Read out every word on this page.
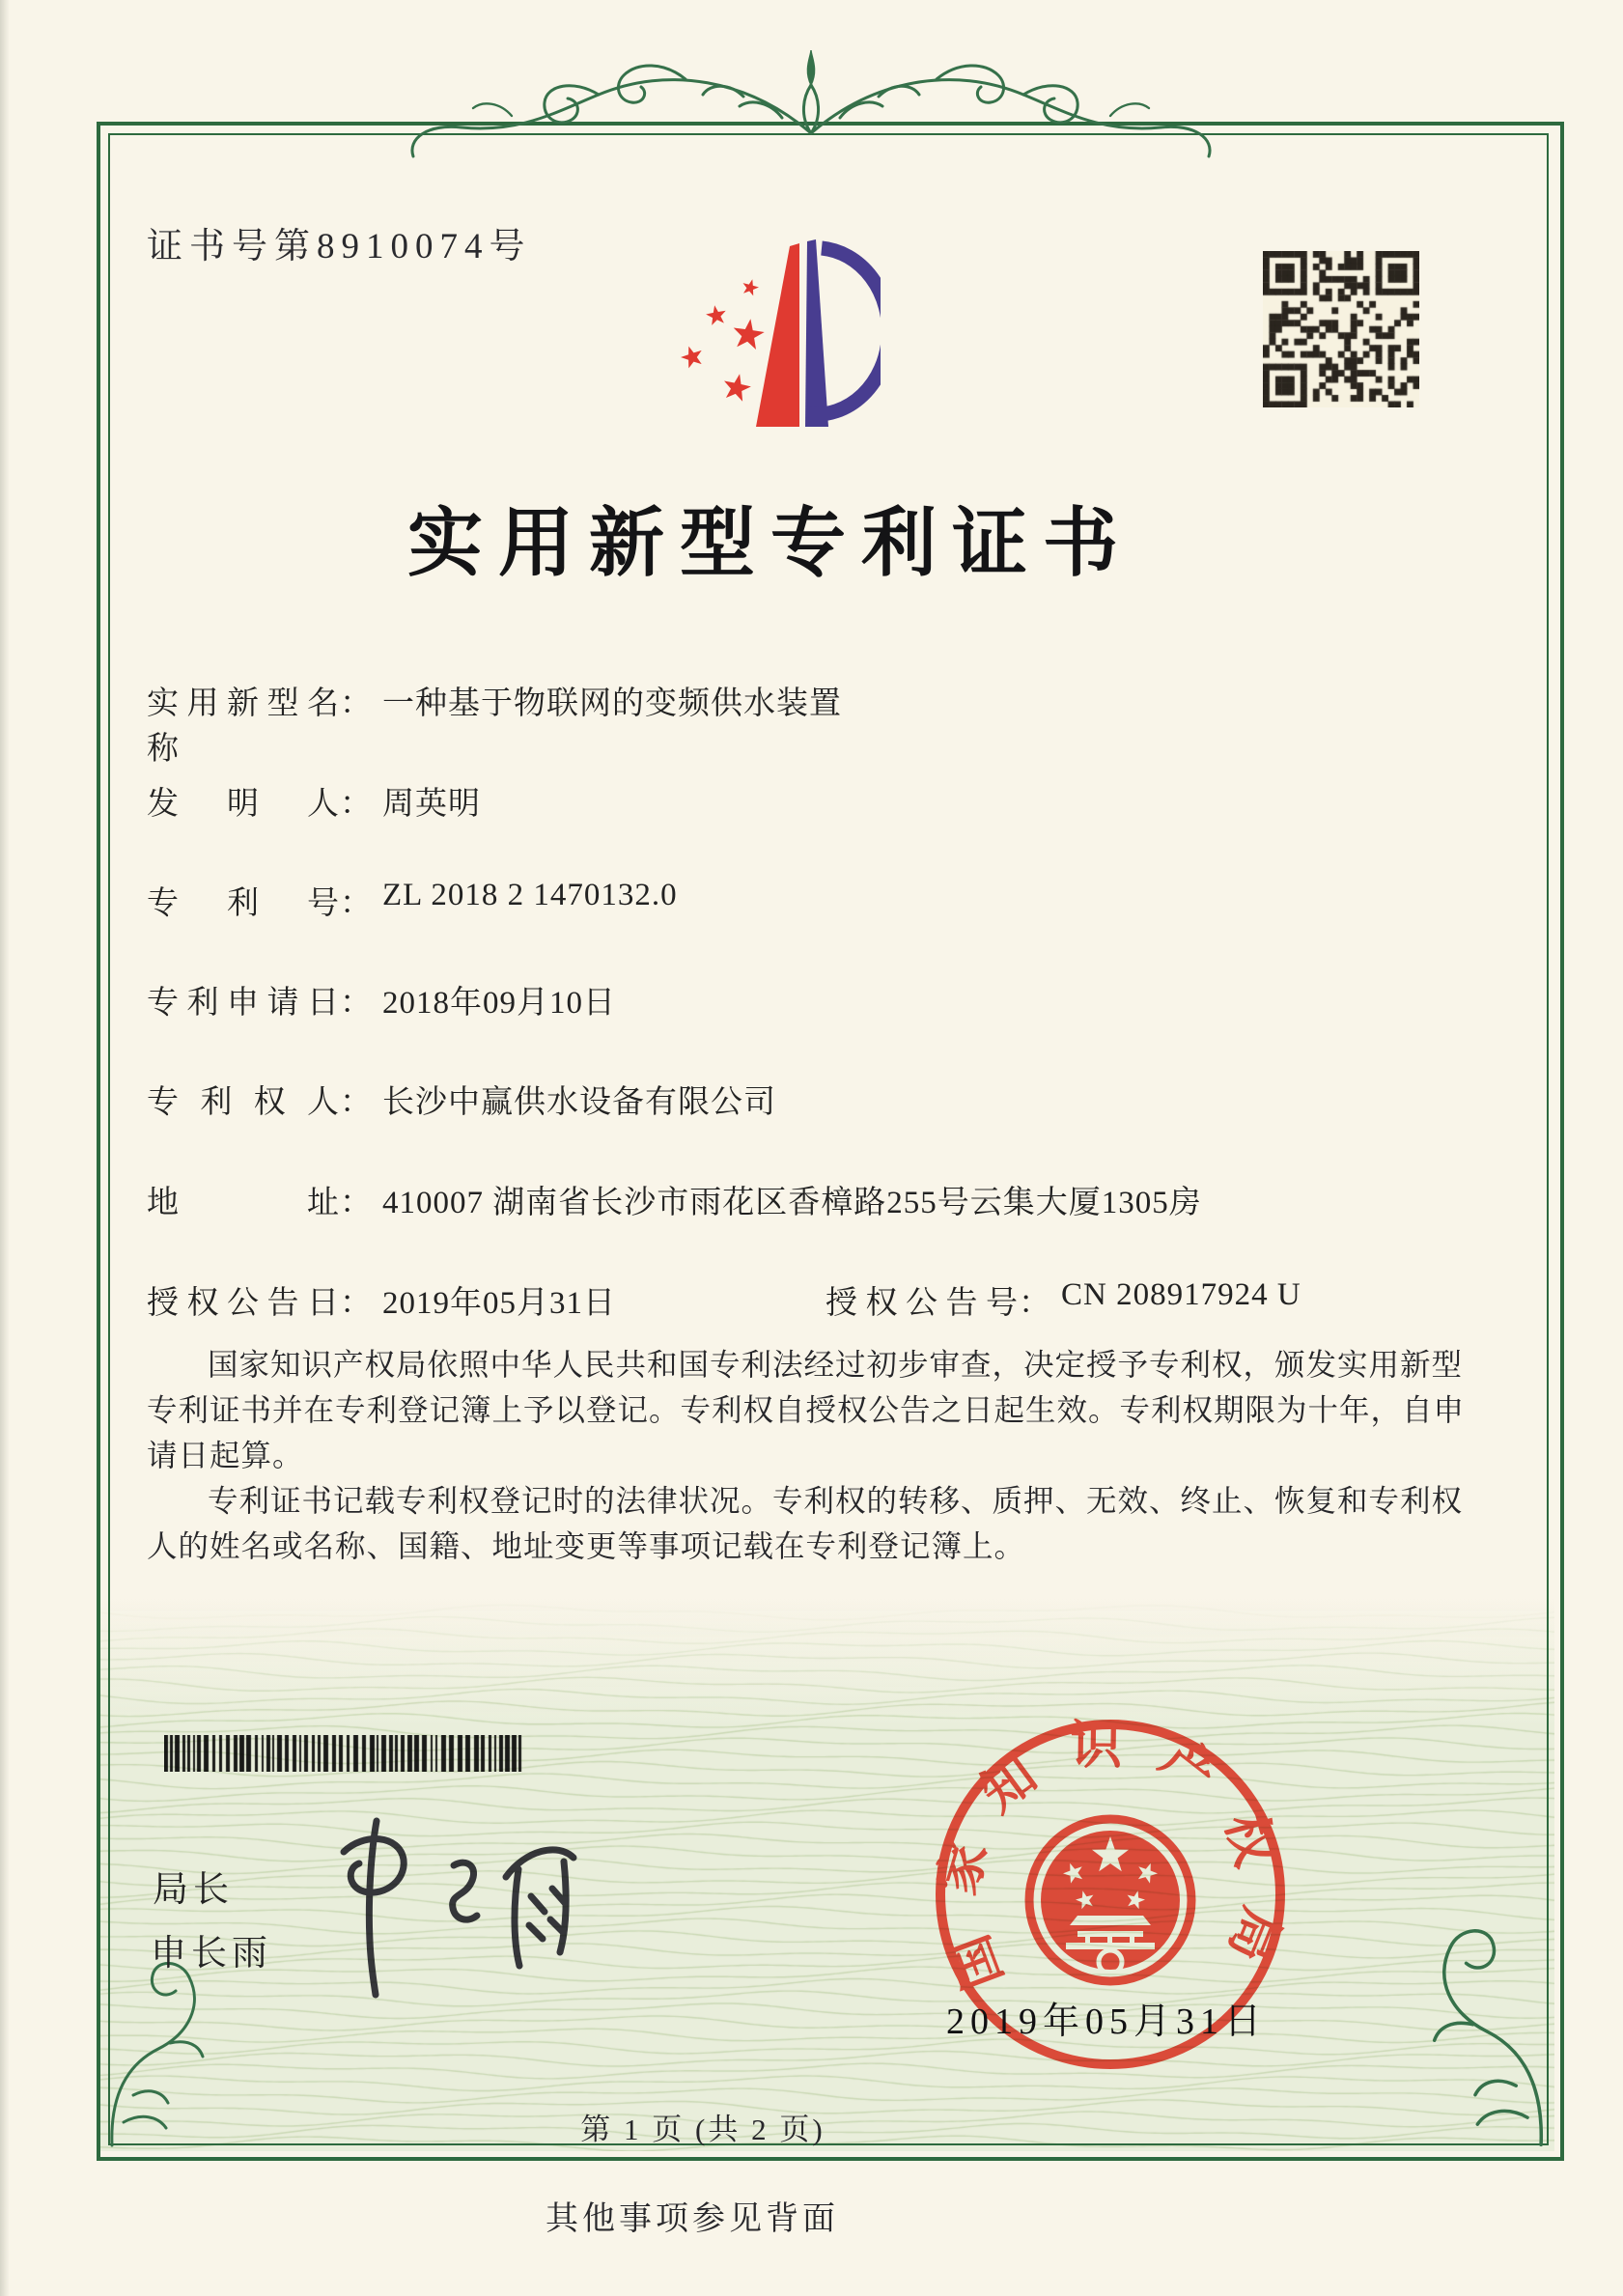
证书号第8910074号
实用新型专利证书
实用新型名称： 一种基于物联网的变频供水装置
发明人： 周英明
专利号： ZL 2018 2 1470132.0
专利申请日： 2018年09月10日
专利权人： 长沙中赢供水设备有限公司
地址： 410007 湖南省长沙市雨花区香樟路255号云集大厦1305房
授权公告日： 2019年05月31日	授权公告号： CN 208917924 U

国家知识产权局依照中华人民共和国专利法经过初步审查，决定授予专利权，颁发实用新型专利证书并在专利登记簿上予以登记。专利权自授权公告之日起生效。专利权期限为十年，自申请日起算。

专利证书记载专利权登记时的法律状况。专利权的转移、质押、无效、终止、恢复和专利权人的姓名或名称、国籍、地址变更等事项记载在专利登记簿上。

局长
申长雨	国家知识产权局
2019年05月31日
第 1 页 (共 2 页)
其他事项参见背面
